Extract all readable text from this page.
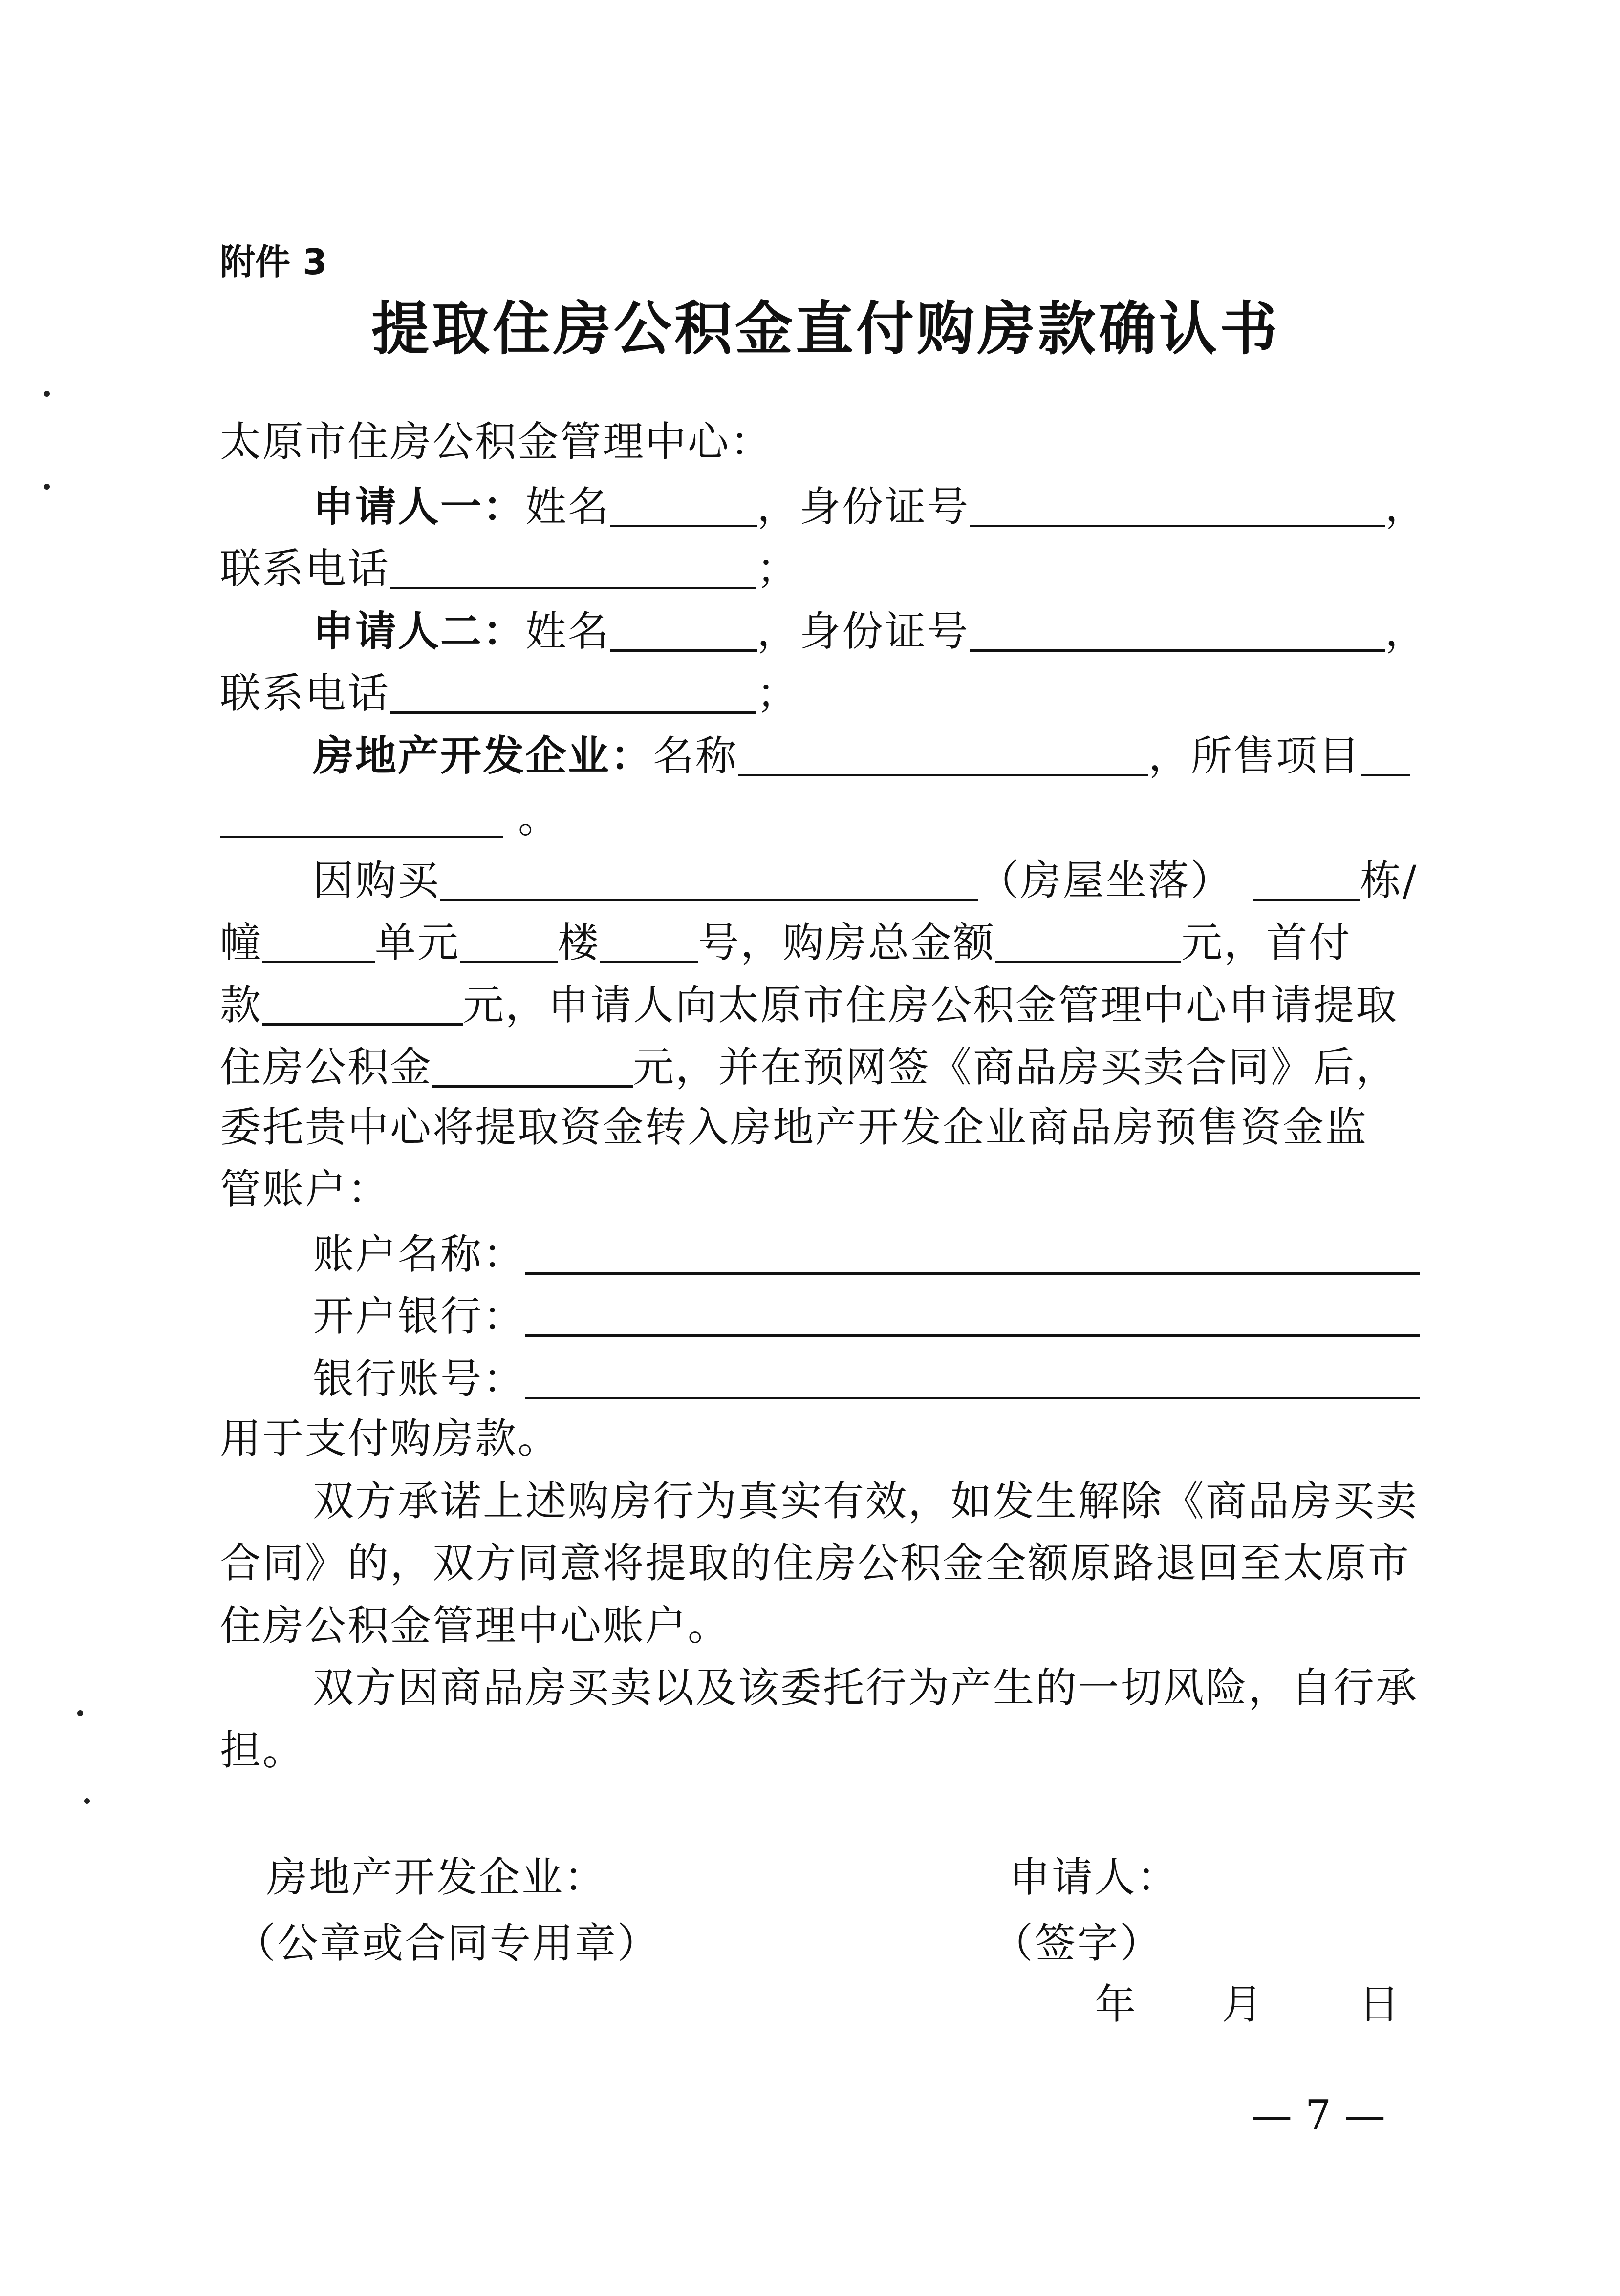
附件 3
提取住房公积金直付购房款确认书
太原市住房公积金管理中心：
申请人一：姓名	，身份证号	，
联系电话	；
申请人二：姓名	，身份证号	，
联系电话	；
房地产开发企业：名称	，所售项目
。
因购买	（房屋坐落）	栋/
幢	单元 楼 号，购房总金额	元，首付
款	元，申请人向太原市住房公积金管理中心申请提取
住房公积金	元，并在预网签《商品房买卖合同》后，
委托贵中心将提取资金转入房地产开发企业商品房预售资金监
管账户：
账户名称：
开户银行：
银行账号：
用于支付购房款。
双方承诺上述购房行为真实有效，如发生解除《商品房买卖
合同》的，双方同意将提取的住房公积金全额原路退回至太原市
住房公积金管理中心账户。
双方因商品房买卖以及该委托行为产生的一切风险，自行承
担。
房地产开发企业：
（公章或合同专用章）
申请人：
（签字）
年 月 日
— 7 —
